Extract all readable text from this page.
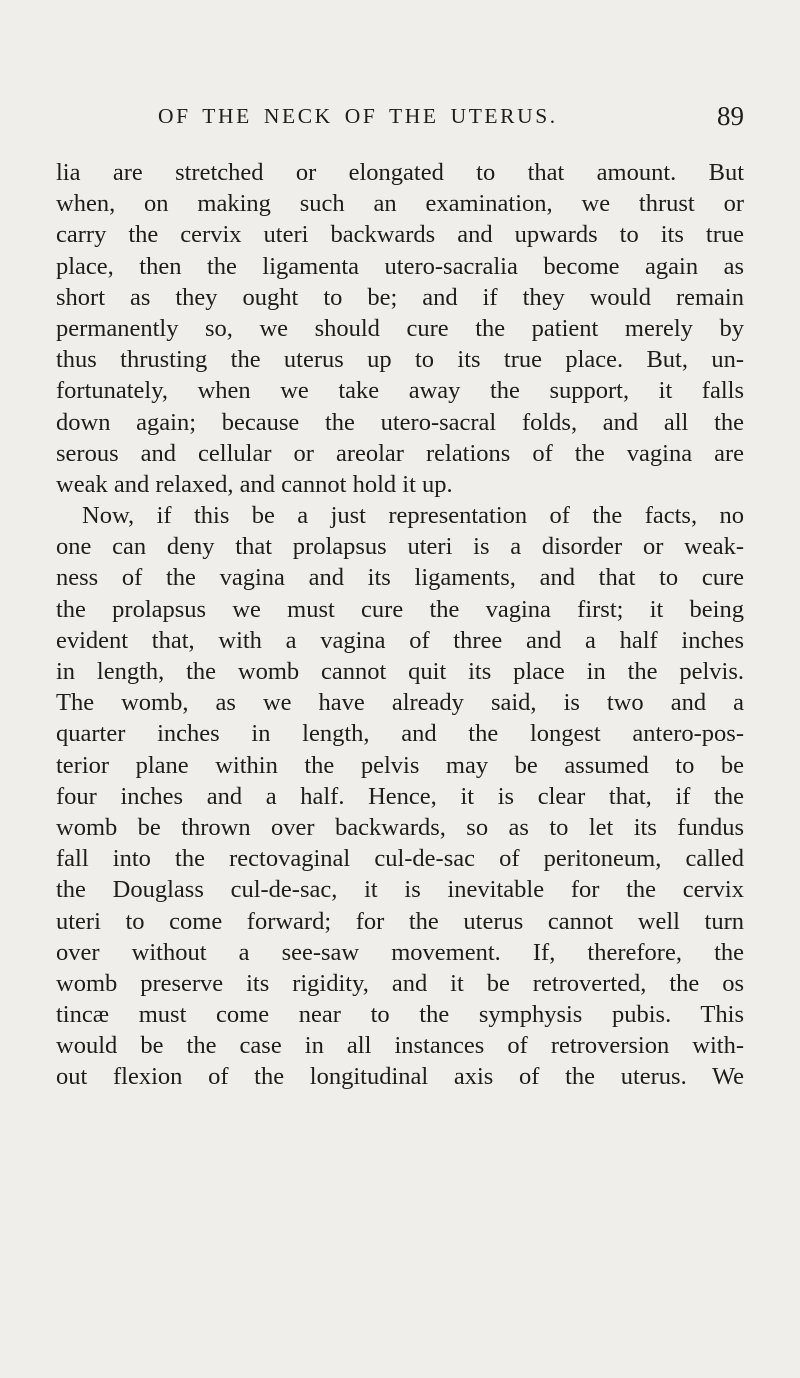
OF THE NECK OF THE UTERUS.	89
lia are stretched or elongated to that amount. But
when, on making such an examination, we thrust or
carry the cervix uteri backwards and upwards to its true
place, then the ligamenta utero-sacralia become again as
short as they ought to be; and if they would remain
permanently so, we should cure the patient merely by
thus thrusting the uterus up to its true place. But, un-
fortunately, when we take away the support, it falls
down again; because the utero-sacral folds, and all the
serous and cellular or areolar relations of the vagina are
weak and relaxed, and cannot hold it up.
Now, if this be a just representation of the facts, no
one can deny that prolapsus uteri is a disorder or weak-
ness of the vagina and its ligaments, and that to cure
the prolapsus we must cure the vagina first; it being
evident that, with a vagina of three and a half inches
in length, the womb cannot quit its place in the pelvis.
The womb, as we have already said, is two and a
quarter inches in length, and the longest antero-pos-
terior plane within the pelvis may be assumed to be
four inches and a half. Hence, it is clear that, if the
womb be thrown over backwards, so as to let its fundus
fall into the rectovaginal cul-de-sac of peritoneum, called
the Douglass cul-de-sac, it is inevitable for the cervix
uteri to come forward; for the uterus cannot well turn
over without a see-saw movement. If, therefore, the
womb preserve its rigidity, and it be retroverted, the os
tincæ must come near to the symphysis pubis. This
would be the case in all instances of retroversion with-
out flexion of the longitudinal axis of the uterus. We
